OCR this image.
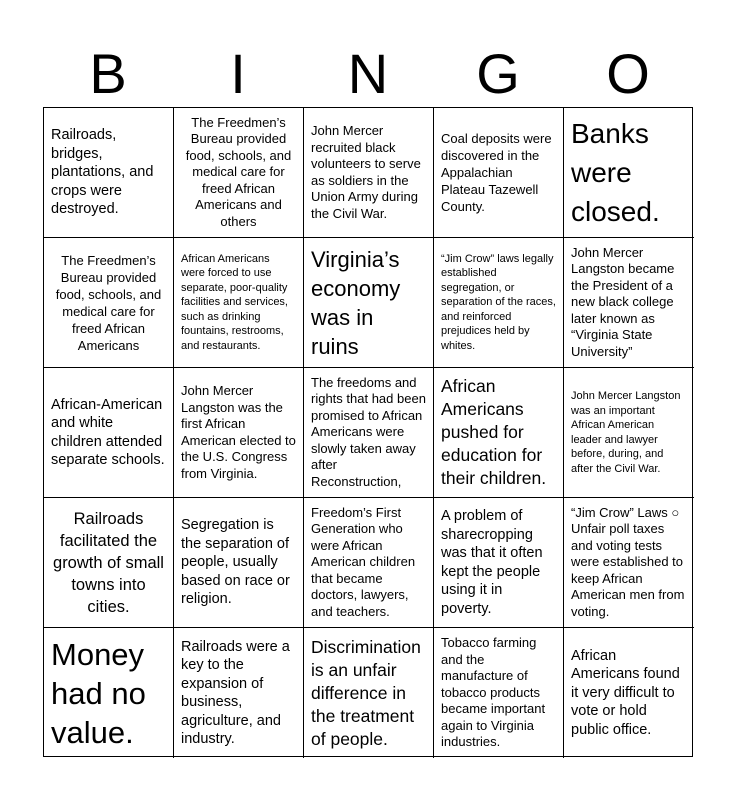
B	I	N	G	O
Railroads, bridges, plantations, and crops were destroyed.
The Freedmen’s Bureau provided food, schools, and medical care for freed African Americans and others
John Mercer recruited black volunteers to serve as soldiers in the Union Army during the Civil War.
Coal deposits were discovered in the Appalachian Plateau Tazewell County.
Banks were closed.
The Freedmen’s Bureau provided food, schools, and medical care for freed African Americans
African Americans were forced to use separate, poor-quality facilities and services, such as drinking fountains, restrooms, and restaurants.
Virginia’s economy was in ruins
“Jim Crow” laws legally established segregation, or separation of the races, and reinforced prejudices held by whites.
John Mercer Langston became the President of a new black college later known as “Virginia State University”
African-American and white children attended separate schools.
John Mercer Langston was the first African American elected to the U.S. Congress from Virginia.
The freedoms and rights that had been promised to African Americans were slowly taken away after Reconstruction,
African Americans pushed for education for their children.
John Mercer Langston was an important African American leader and lawyer before, during, and after the Civil War.
Railroads facilitated the growth of small towns into cities.
Segregation is the separation of people, usually based on race or religion.
Freedom’s First Generation who were African American children that became doctors, lawyers, and teachers.
A problem of sharecropping was that it often kept the people using it in poverty.
“Jim Crow” Laws ○ Unfair poll taxes and voting tests were established to keep African American men from voting.
Money had no value.
Railroads were a key to the expansion of business, agriculture, and industry.
Discrimination is an unfair difference in the treatment of people.
Tobacco farming and the manufacture of tobacco products became important again to Virginia industries.
African Americans found it very difficult to vote or hold public office.
